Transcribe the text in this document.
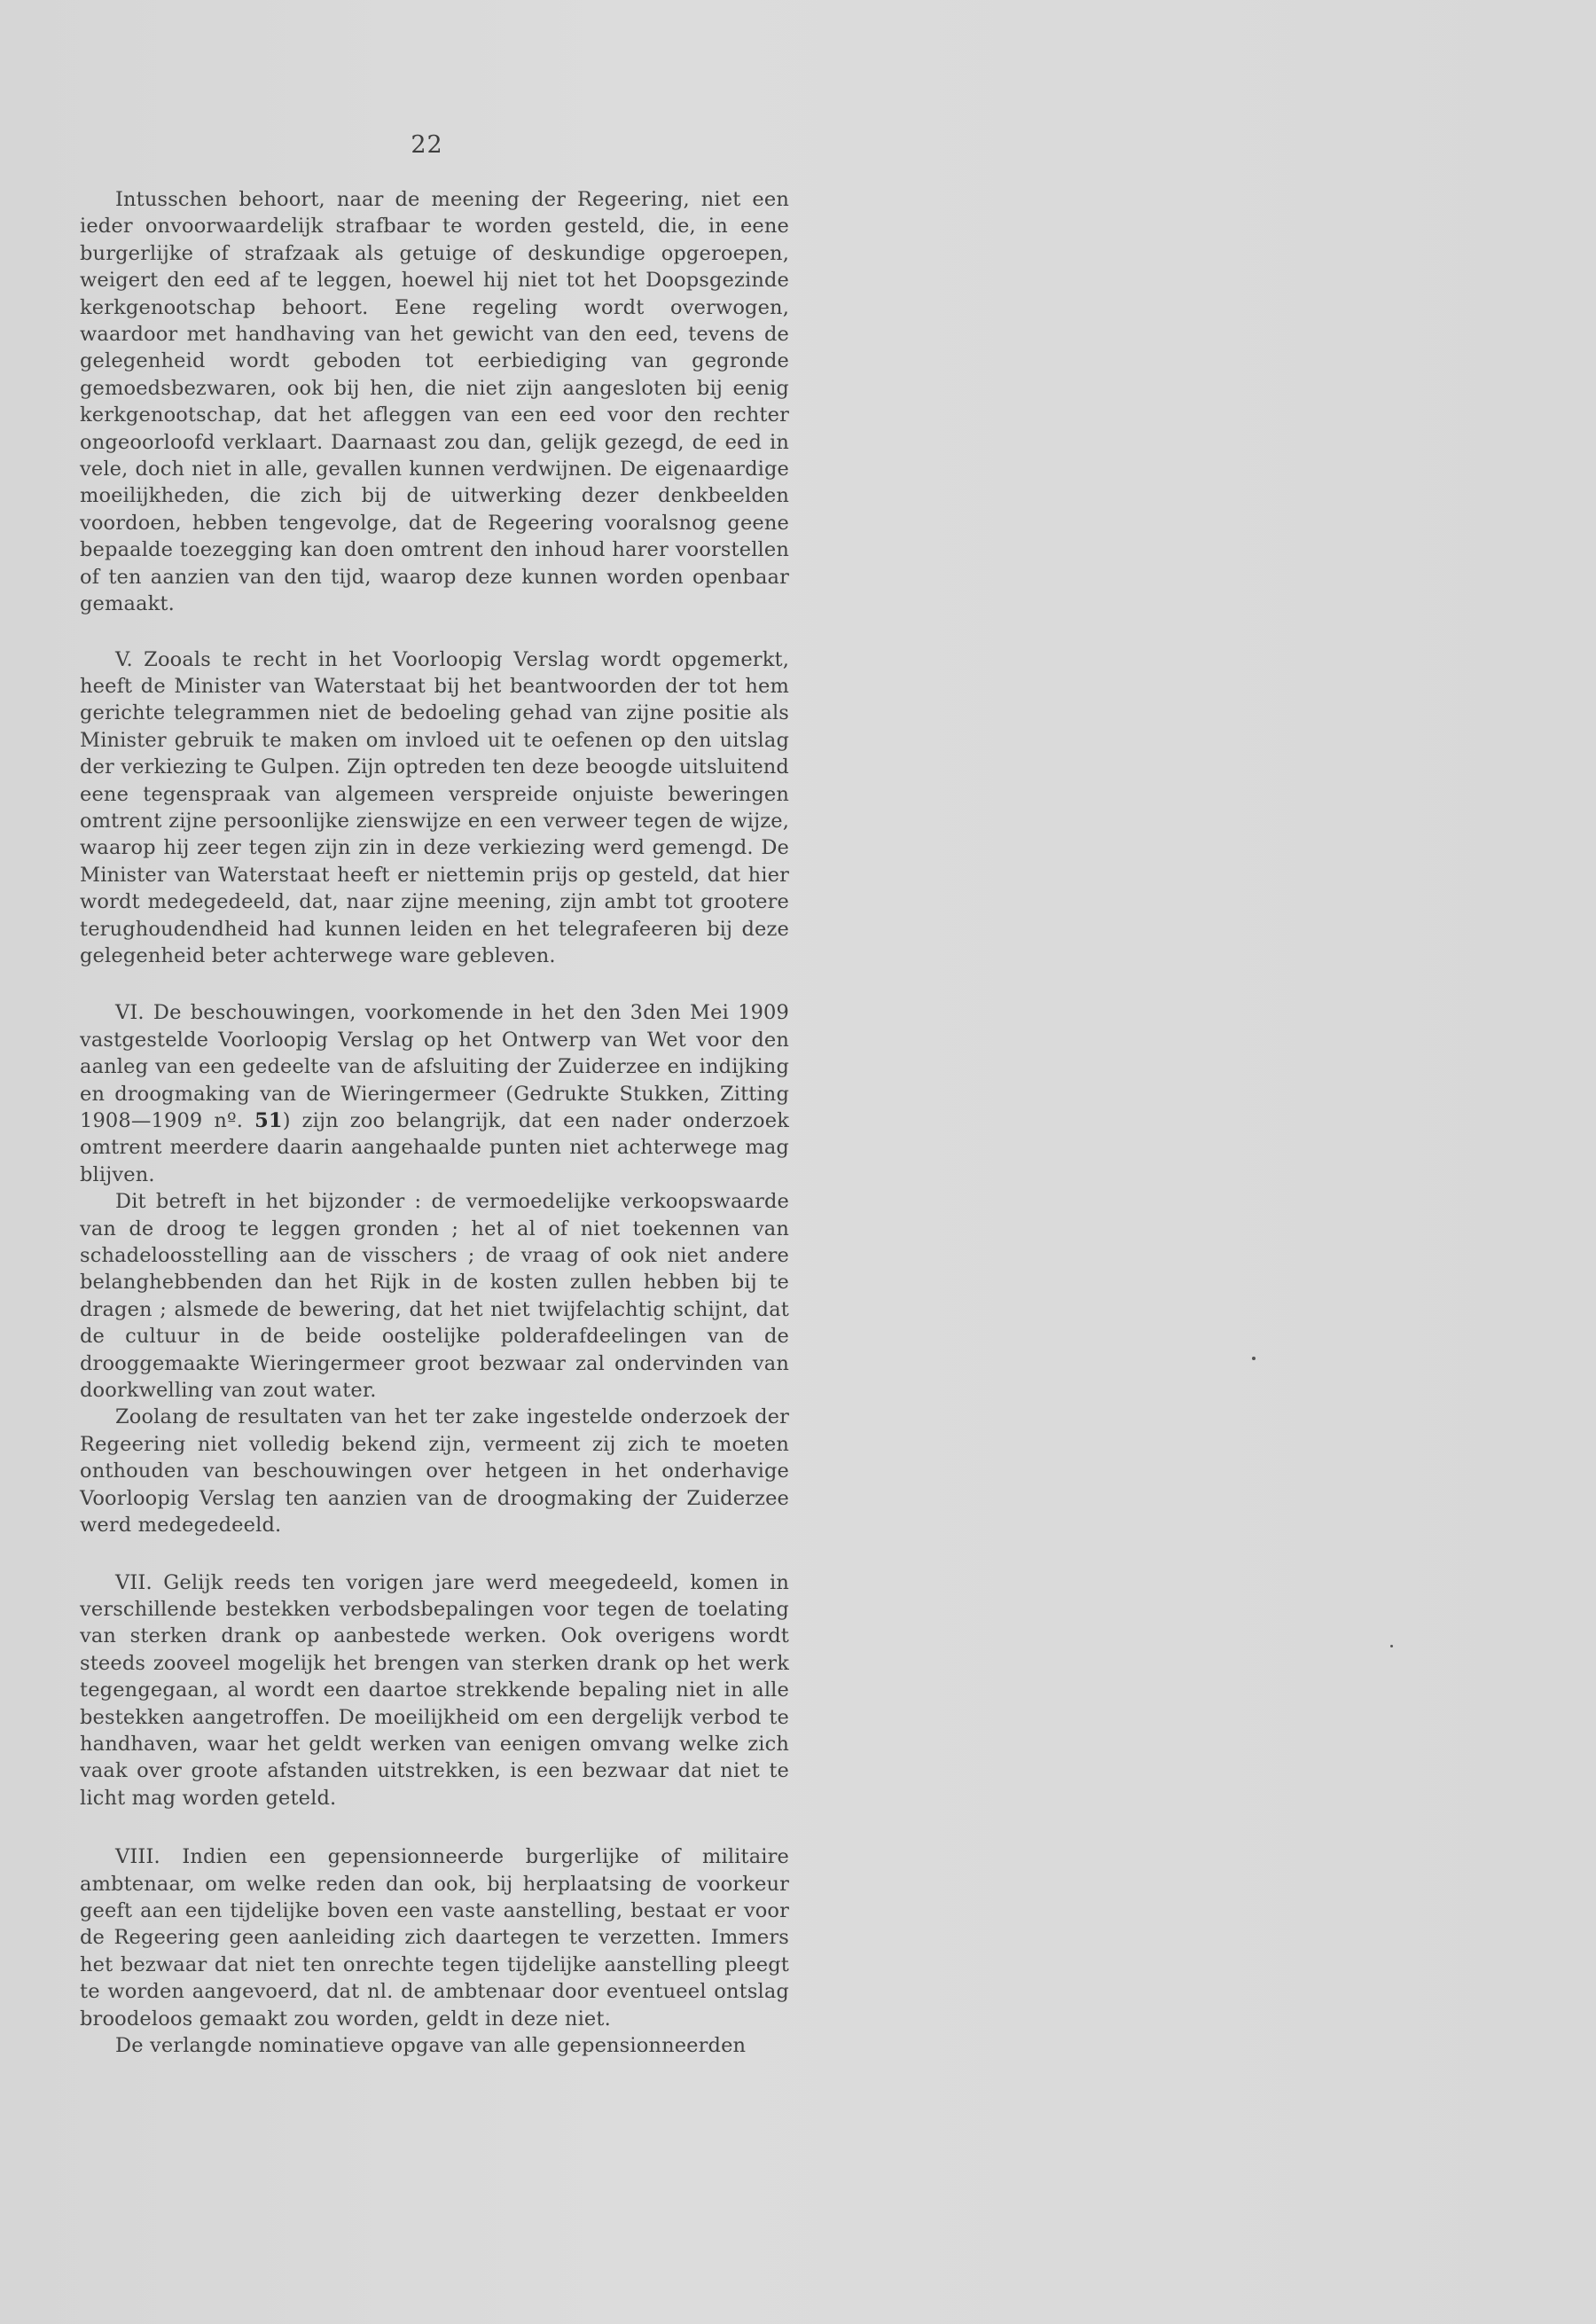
22

Intusschen behoort, naar de meening der Regeering, niet een ieder onvoorwaardelijk strafbaar te worden gesteld, die, in eene burgerlijke of strafzaak als getuige of deskundige opgeroepen, weigert den eed af te leggen, hoewel hij niet tot het Doopsgezinde kerkgenootschap behoort. Eene regeling wordt overwogen, waardoor met handhaving van het gewicht van den eed, tevens de gelegenheid wordt geboden tot eerbiediging van gegronde gemoedsbezwaren, ook bij hen, die niet zijn aangesloten bij eenig kerkgenootschap, dat het afleggen van een eed voor den rechter ongeoorloofd verklaart. Daarnaast zou dan, gelijk gezegd, de eed in vele, doch niet in alle, gevallen kunnen verdwijnen. De eigenaardige moeilijkheden, die zich bij de uitwerking dezer denkbeelden voordoen, hebben tengevolge, dat de Regeering vooralsnog geene bepaalde toezegging kan doen omtrent den inhoud harer voorstellen of ten aanzien van den tijd, waarop deze kunnen worden openbaar gemaakt.

V. Zooals te recht in het Voorloopig Verslag wordt opgemerkt, heeft de Minister van Waterstaat bij het beantwoorden der tot hem gerichte telegrammen niet de bedoeling gehad van zijne positie als Minister gebruik te maken om invloed uit te oefenen op den uitslag der verkiezing te Gulpen. Zijn optreden ten deze beoogde uitsluitend eene tegenspraak van algemeen verspreide onjuiste beweringen omtrent zijne persoonlijke zienswijze en een verweer tegen de wijze, waarop hij zeer tegen zijn zin in deze verkiezing werd gemengd. De Minister van Waterstaat heeft er niettemin prijs op gesteld, dat hier wordt medegedeeld, dat, naar zijne meening, zijn ambt tot grootere terughoudendheid had kunnen leiden en het telegrafeeren bij deze gelegenheid beter achterwege ware gebleven.

VI. De beschouwingen, voorkomende in het den 3den Mei 1909 vastgestelde Voorloopig Verslag op het Ontwerp van Wet voor den aanleg van een gedeelte van de afsluiting der Zuiderzee en indijking en droogmaking van de Wieringermeer (Gedrukte Stukken, Zitting 1908—1909 nº. 51) zijn zoo belangrijk, dat een nader onderzoek omtrent meerdere daarin aangehaalde punten niet achterwege mag blijven.

Dit betreft in het bijzonder : de vermoedelijke verkoopswaarde van de droog te leggen gronden ; het al of niet toekennen van schadeloosstelling aan de visschers ; de vraag of ook niet andere belanghebbenden dan het Rijk in de kosten zullen hebben bij te dragen ; alsmede de bewering, dat het niet twijfelachtig schijnt, dat de cultuur in de beide oostelijke polderafdeelingen van de drooggemaakte Wieringermeer groot bezwaar zal ondervinden van doorkwelling van zout water.

Zoolang de resultaten van het ter zake ingestelde onderzoek der Regeering niet volledig bekend zijn, vermeent zij zich te moeten onthouden van beschouwingen over hetgeen in het onderhavige Voorloopig Verslag ten aanzien van de droogmaking der Zuiderzee werd medegedeeld.

VII. Gelijk reeds ten vorigen jare werd meegedeeld, komen in verschillende bestekken verbodsbepalingen voor tegen de toelating van sterken drank op aanbestede werken. Ook overigens wordt steeds zooveel mogelijk het brengen van sterken drank op het werk tegengegaan, al wordt een daartoe strekkende bepaling niet in alle bestekken aangetroffen. De moeilijkheid om een dergelijk verbod te handhaven, waar het geldt werken van eenigen omvang welke zich vaak over groote afstanden uitstrekken, is een bezwaar dat niet te licht mag worden geteld.

VIII. Indien een gepensionneerde burgerlijke of militaire ambtenaar, om welke reden dan ook, bij herplaatsing de voorkeur geeft aan een tijdelijke boven een vaste aanstelling, bestaat er voor de Regeering geen aanleiding zich daartegen te verzetten. Immers het bezwaar dat niet ten onrechte tegen tijdelijke aanstelling pleegt te worden aangevoerd, dat nl. de ambtenaar door eventueel ontslag broodeloos gemaakt zou worden, geldt in deze niet.

De verlangde nominatieve opgave van alle gepensionneerden
